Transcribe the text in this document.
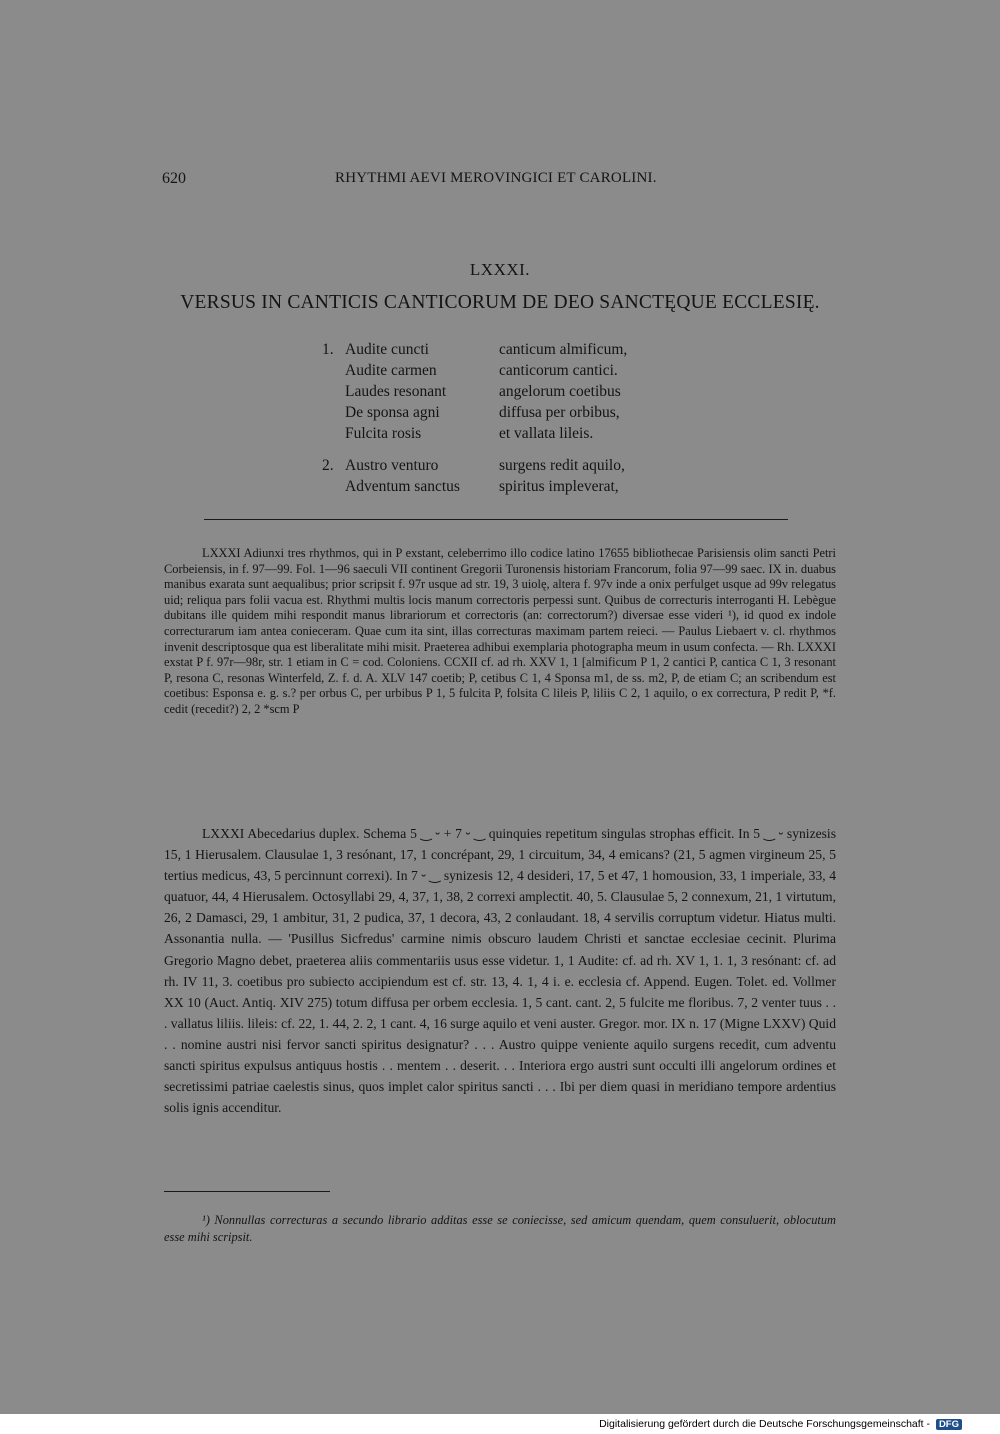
620	RHYTHMI AEVI MEROVINGICI ET CAROLINI.
LXXXI.
VERSUS IN CANTICIS CANTICORUM DE DEO SANCTĘQUE ECCLESIĘ.
1. Audite cuncti	canticum almificum,
Audite carmen	canticorum cantici.
Laudes resonant	angelorum coetibus
De sponsa agni	diffusa per orbibus,
Fulcita rosis	et vallata lileis.
2. Austro venturo	surgens redit aquilo,
Adventum sanctus	spiritus impleverat,
LXXXI Adiunxi tres rhythmos, qui in P exstant, celeberrimo illo codice latino 17655 bibliothecae Parisiensis olim sancti Petri Corbeiensis, in f. 97—99. Fol. 1—96 saeculi VII continent Gregorii Turonensis historiam Francorum, folia 97—99 saec. IX in. duabus manibus exarata sunt aequalibus; prior scripsit f. 97r usque ad str. 19, 3 uiolę, altera f. 97v inde a onix perfulget usque ad 99v relegatus uid; reliqua pars folii vacua est. Rhythmi multis locis manum correctoris perpessi sunt. Quibus de correcturis interroganti H. Lebègue dubitans ille quidem mihi respondit manus librariorum et correctoris (an: correctorum?) diversae esse videri ¹), id quod ex indole correcturarum iam antea conieceram. Quae cum ita sint, illas correcturas maximam partem reieci. — Paulus Liebaert v. cl. rhythmos invenit descriptosque qua est liberalitate mihi misit. Praeterea adhibui exemplaria photographa meum in usum confecta. — Rh. LXXXI exstat P f. 97r—98r, str. 1 etiam in C = cod. Coloniens. CCXII cf. ad rh. XXV 1, 1 [almificum P 1, 2 cantici P, cantica C 1, 3 resonant P, resona C, resonas Winterfeld, Z. f. d. A. XLV 147 coetib; P, cetibus C 1, 4 Sponsa m1, de ss. m2, P, de etiam C; an scribendum est coetibus: Esponsa e. g. s.? per orbus C, per urbibus P 1, 5 fulcita P, folsita C lileis P, liliis C 2, 1 aquilo, o ex correctura, P redit P, *f. cedit (recedit?) 2, 2 *scm P
LXXXI Abecedarius duplex. Schema 5 ‿ ⏑ + 7 ⏑ ‿ quinquies repetitum singulas strophas efficit. In 5 ‿ ⏑ synizesis 15, 1 Hierusalem. Clausulae 1, 3 resónant, 17, 1 concrépant, 29, 1 circuitum, 34, 4 emicans? (21, 5 agmen virgineum 25, 5 tertius medicus, 43, 5 percinnunt correxi). In 7 ⏑ ‿ synizesis 12, 4 desideri, 17, 5 et 47, 1 homousion, 33, 1 imperiale, 33, 4 quatuor, 44, 4 Hierusalem. Octosyllabi 29, 4, 37, 1, 38, 2 correxi amplectit. 40, 5. Clausulae 5, 2 connexum, 21, 1 virtutum, 26, 2 Damasci, 29, 1 ambitur, 31, 2 pudica, 37, 1 decora, 43, 2 conlaudant. 18, 4 servilis corruptum videtur. Hiatus multi. Assonantia nulla. — 'Pusillus Sicfredus' carmine nimis obscuro laudem Christi et sanctae ecclesiae cecinit. Plurima Gregorio Magno debet, praeterea aliis commentariis usus esse videtur. 1, 1 Audite: cf. ad rh. XV 1, 1. 1, 3 resónant: cf. ad rh. IV 11, 3. coetibus pro subiecto accipiendum est cf. str. 13, 4. 1, 4 i. e. ecclesia cf. Append. Eugen. Tolet. ed. Vollmer XX 10 (Auct. Antiq. XIV 275) totum diffusa per orbem ecclesia. 1, 5 cant. cant. 2, 5 fulcite me floribus. 7, 2 venter tuus . . . vallatus liliis. lileis: cf. 22, 1. 44, 2. 2, 1 cant. 4, 16 surge aquilo et veni auster. Gregor. mor. IX n. 17 (Migne LXXV) Quid . . nomine austri nisi fervor sancti spiritus designatur? . . . Austro quippe veniente aquilo surgens recedit, cum adventu sancti spiritus expulsus antiquus hostis . . mentem . . deserit. . . Interiora ergo austri sunt occulti illi angelorum ordines et secretissimi patriae caelestis sinus, quos implet calor spiritus sancti . . . Ibi per diem quasi in meridiano tempore ardentius solis ignis accenditur.
¹) Nonnullas correcturas a secundo librario additas esse se coniecisse, sed amicum quendam, quem consuluerit, oblocutum esse mihi scripsit.
Digitalisierung gefördert durch die Deutsche Forschungsgemeinschaft - DFG
